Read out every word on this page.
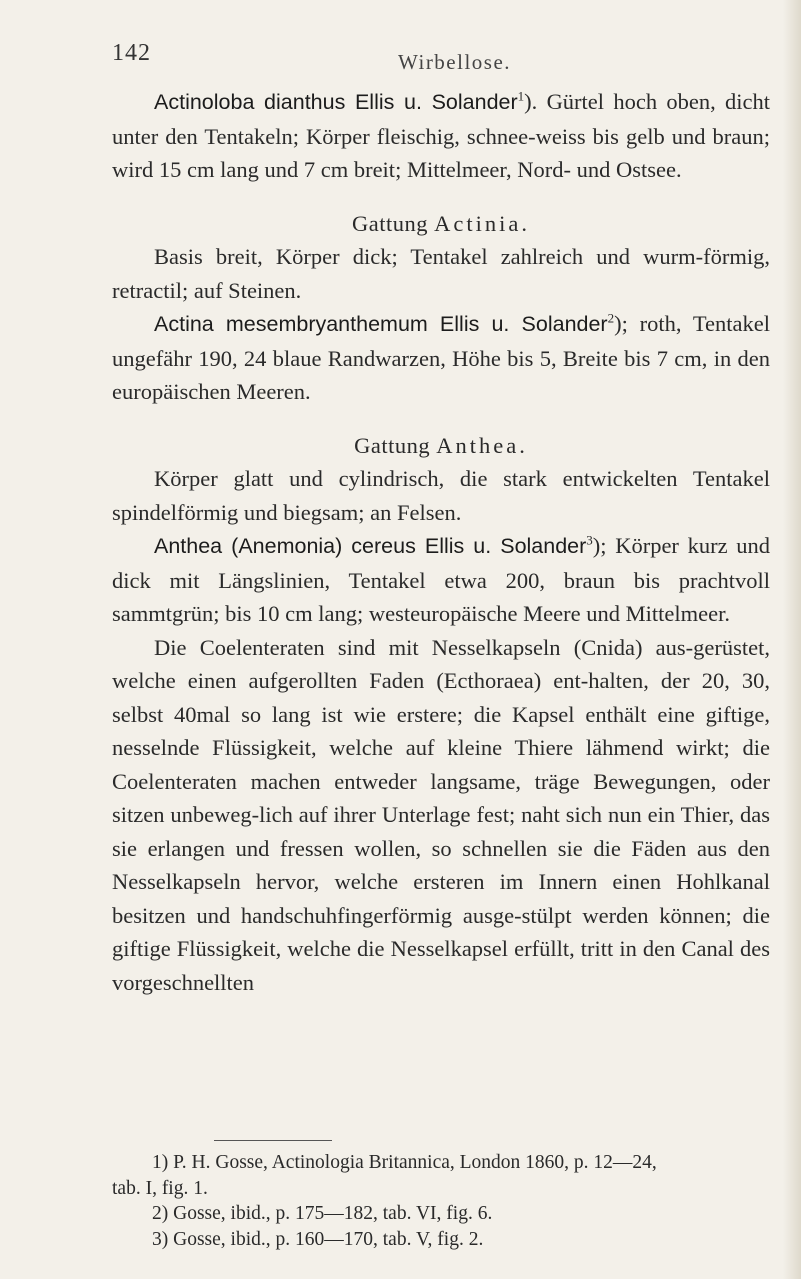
142	Wirbellose.

Actinoloba dianthus Ellis u. Solander$^1$). Gürtel hoch oben, dicht unter den Tentakeln; Körper fleischig, schnee-weiss bis gelb und braun; wird 15 cm lang und 7 cm breit; Mittelmeer, Nord- und Ostsee.

Gattung Actinia.

Basis breit, Körper dick; Tentakel zahlreich und wurm-förmig, retractil; auf Steinen.

Actina mesembryanthemum Ellis u. Solander$^2$); roth, Tentakel ungefähr 190, 24 blaue Randwarzen, Höhe bis 5, Breite bis 7 cm, in den europäischen Meeren.

Gattung Anthea.

Körper glatt und cylindrisch, die stark entwickelten Tentakel spindelförmig und biegsam; an Felsen.

Anthea (Anemonia) cereus Ellis u. Solander$^3$); Körper kurz und dick mit Längslinien, Tentakel etwa 200, braun bis prachtvoll sammtgrün; bis 10 cm lang; westeuropäische Meere und Mittelmeer.

Die Coelenteraten sind mit Nesselkapseln (Cnida) aus-gerüstet, welche einen aufgerollten Faden (Ecthoraea) ent-halten, der 20, 30, selbst 40mal so lang ist wie erstere; die Kapsel enthält eine giftige, nesselnde Flüssigkeit, welche auf kleine Thiere lähmend wirkt; die Coelenteraten machen entweder langsame, träge Bewegungen, oder sitzen unbeweg-lich auf ihrer Unterlage fest; naht sich nun ein Thier, das sie erlangen und fressen wollen, so schnellen sie die Fäden aus den Nesselkapseln hervor, welche ersteren im Innern einen Hohlkanal besitzen und handschuhfingerförmig ausge-stülpt werden können; die giftige Flüssigkeit, welche die Nesselkapsel erfüllt, tritt in den Canal des vorgeschnellten

1) P. H. Gosse, Actinologia Britannica, London 1860, p. 12—24,

tab. I, fig. 1.

2) Gosse, ibid., p. 175—182, tab. VI, fig. 6.

3) Gosse, ibid., p. 160—170, tab. V, fig. 2.
